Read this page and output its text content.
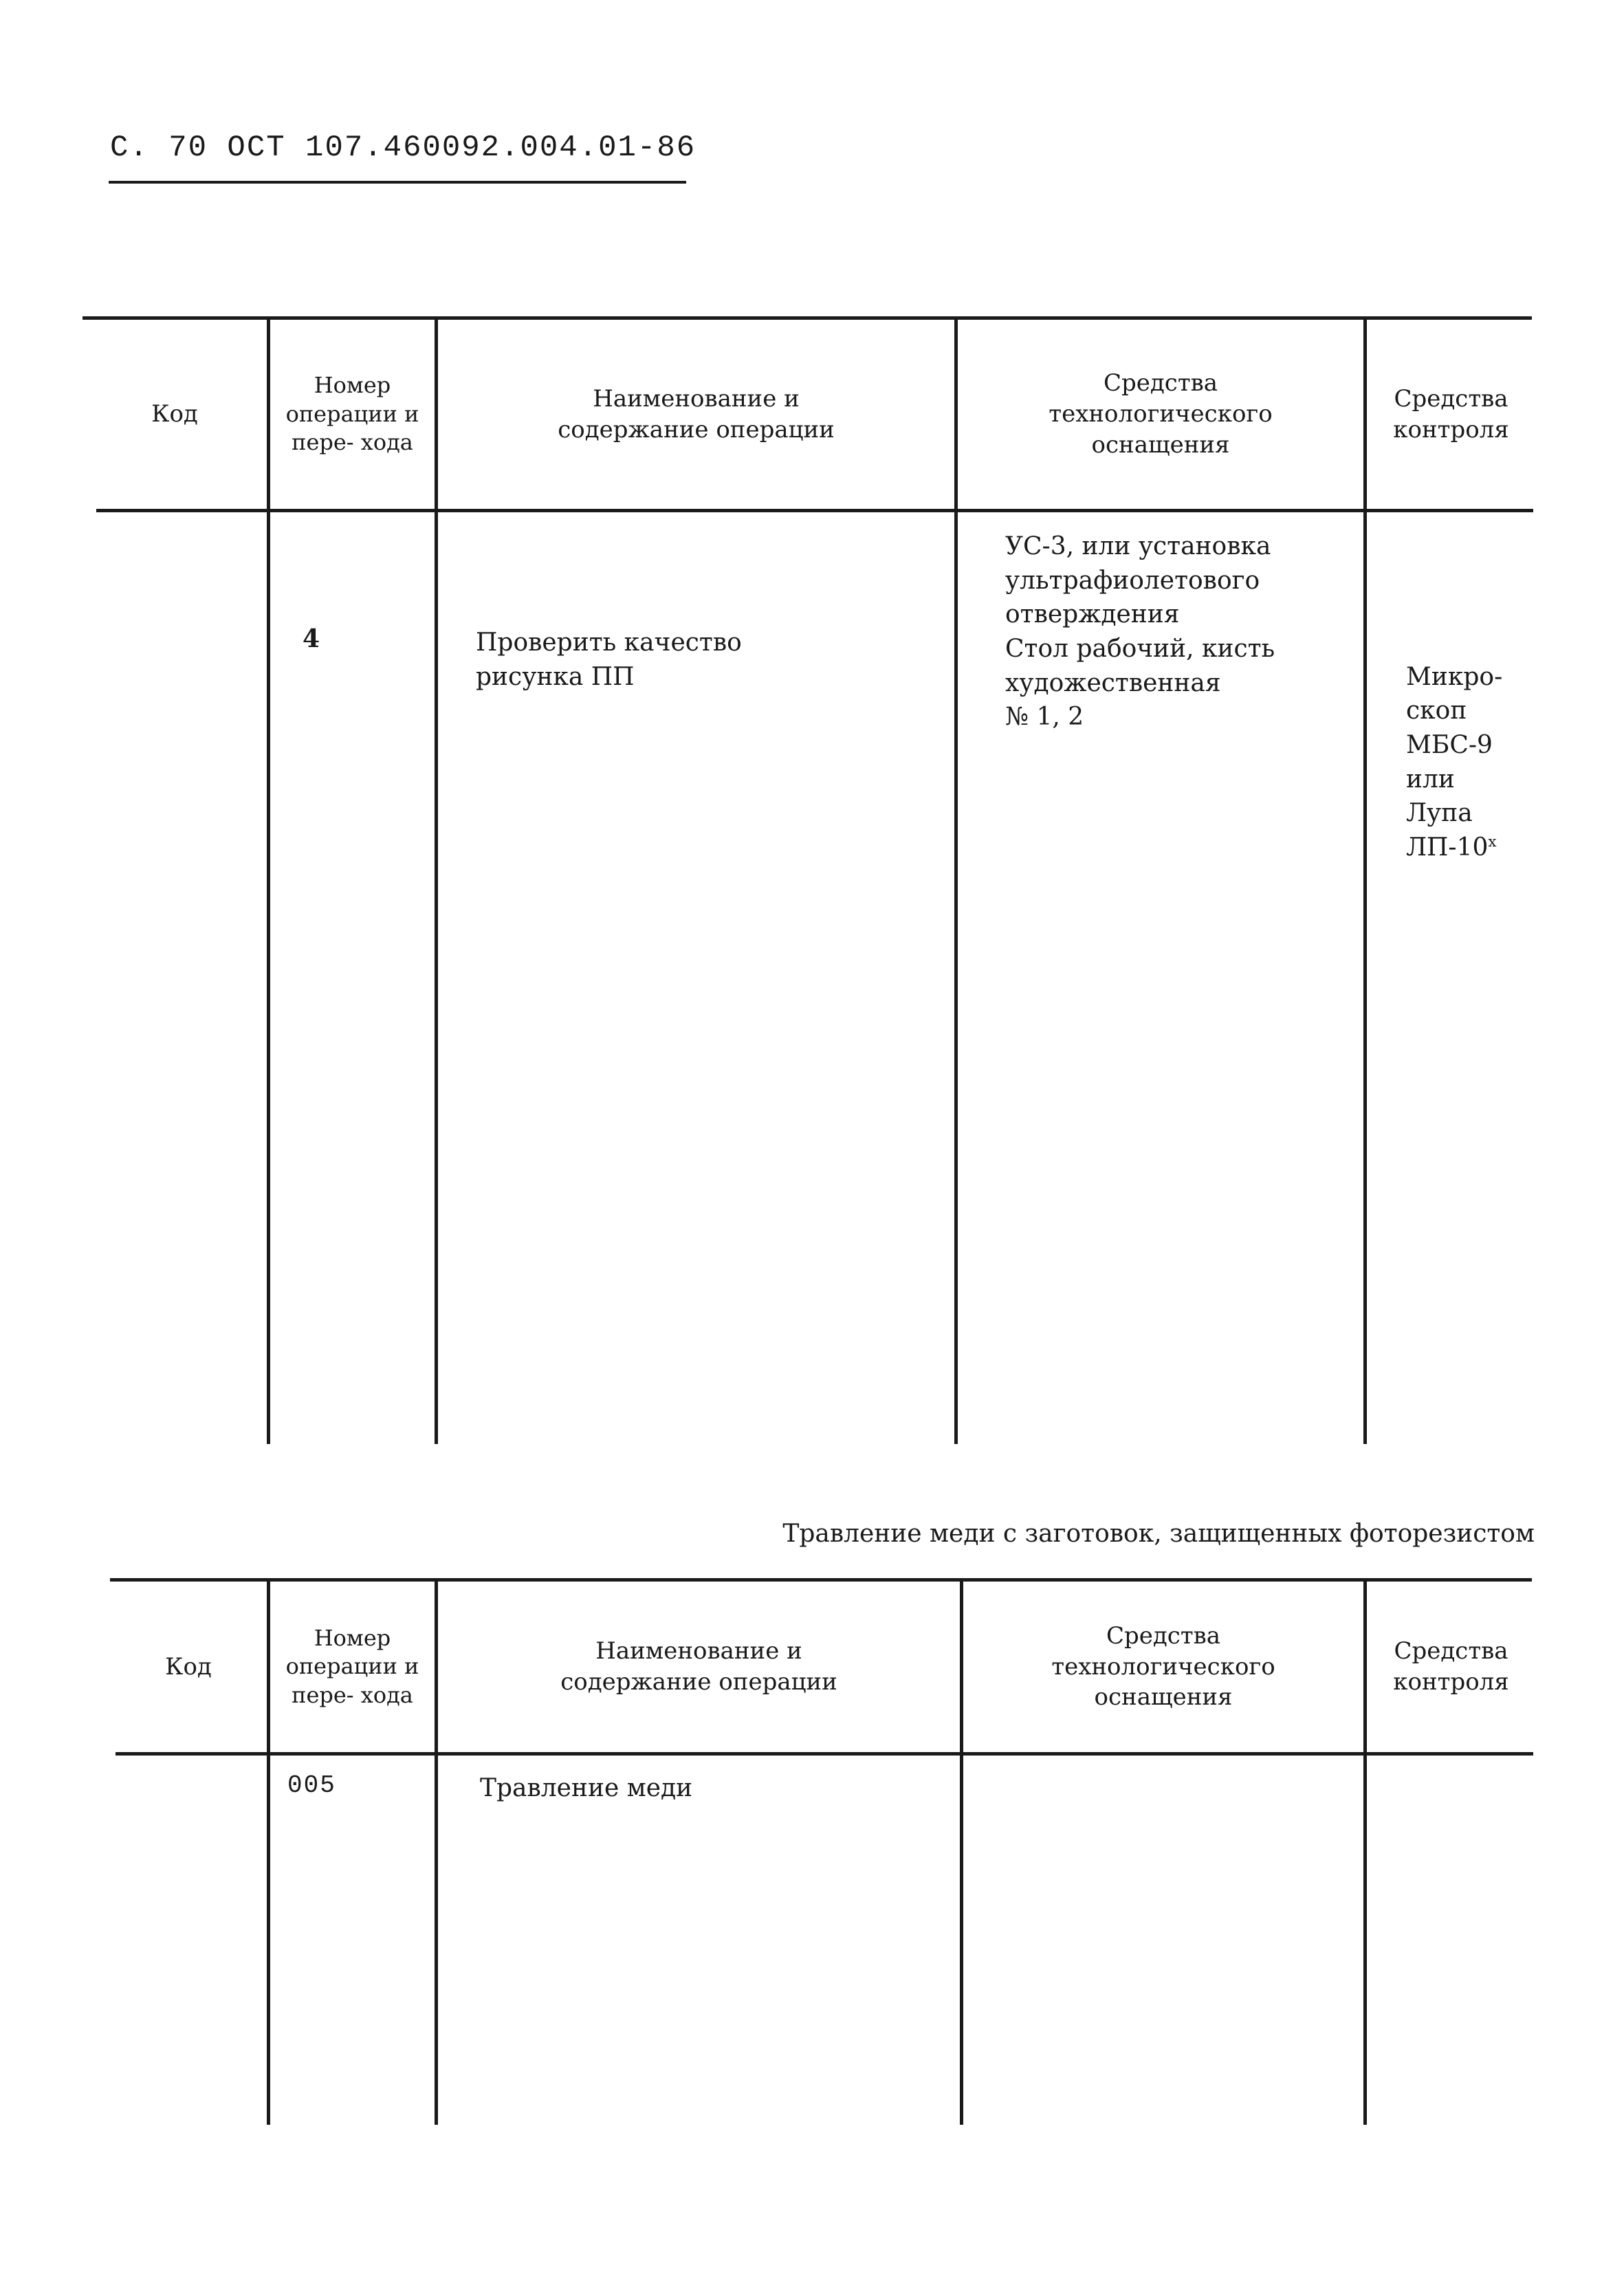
С. 70 ОСТ 107.460092.004.01-86
Код
Номер операции и пере- хода
Наименование и содержание операции
Средства технологического оснащения
Средства контроля
4	Проверить качество
рисунка ПП
УС-3, или установка
ультрафиолетового
отверждения
Стол рабочий, кисть
художественная
№ 1, 2

Микро-
скоп
МБС-9
или
Лупа
ЛП-10$^x$

Травление меди с заготовок, защищенных фоторезистом
Код
Номер операции и пере- хода
Наименование и содержание операции
Средства технологического оснащения
Средства контроля
005	Травление меди
